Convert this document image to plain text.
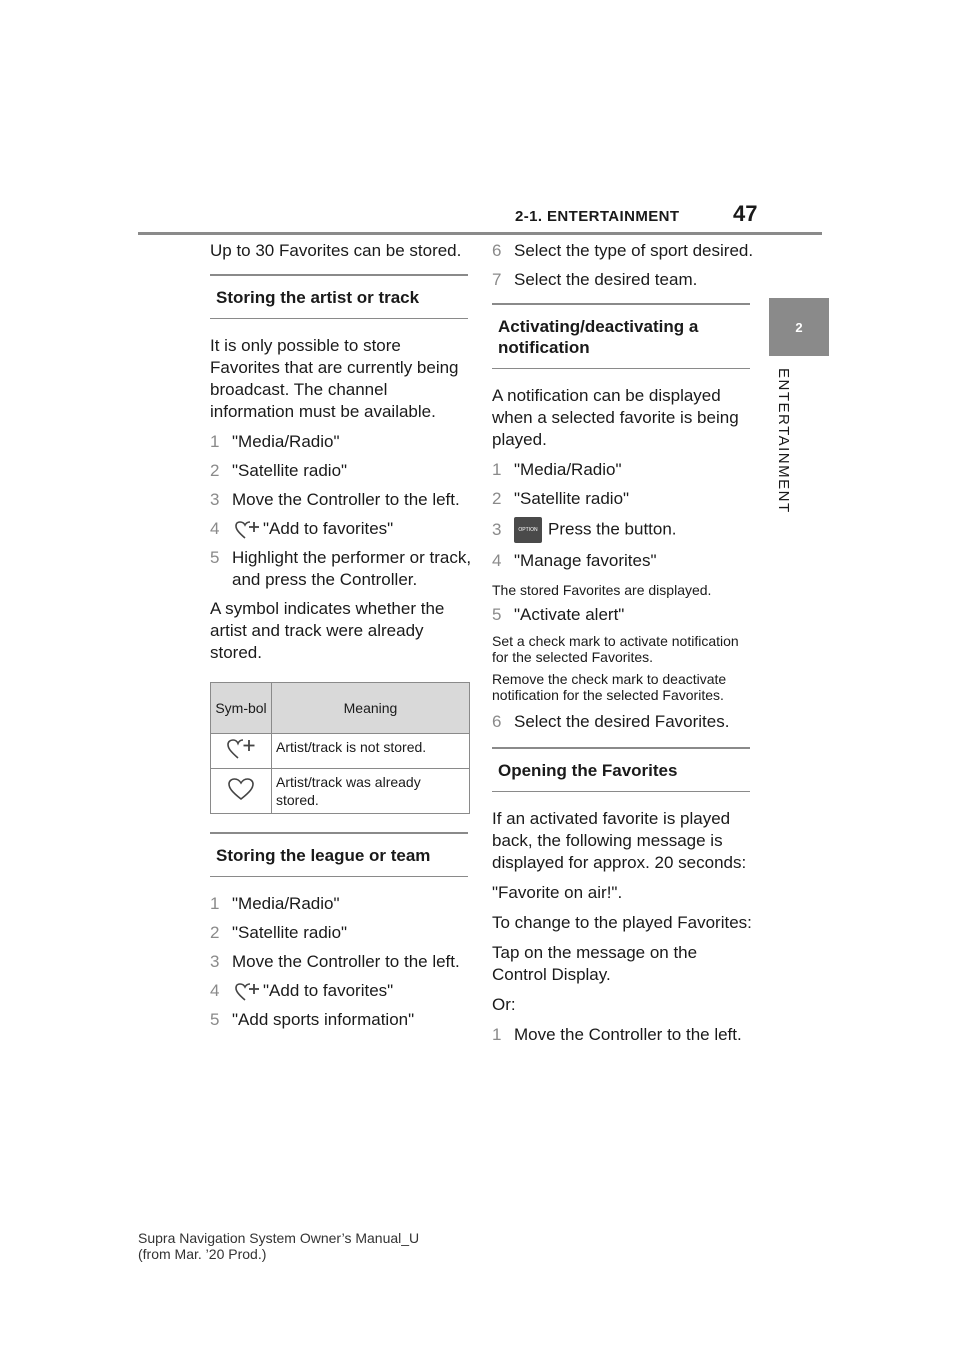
2-1. ENTERTAINMENT 47
2
ENTERTAINMENT

Up to 30 Favorites can be stored.

Storing the artist or track

It is only possible to store Favorites that are currently being broadcast. The channel information must be available.

1 "Media/Radio"
2 "Satellite radio"
3 Move the Controller to the left.
4	"Add to favorites"
5 Highlight the performer or track, and press the Controller.

A symbol indicates whether the artist and track were already stored.

Sym-bol	Meaning
	Artist/track is not stored.
	Artist/track was already stored.
Storing the league or team
1 "Media/Radio"
2 "Satellite radio"
3 Move the Controller to the left.
4	"Add to favorites"
5 "Add sports information"
6 Select the type of sport desired.
7 Select the desired team.
Activating/deactivating a notification

A notification can be displayed when a selected favorite is being played.

1 "Media/Radio"
2 "Satellite radio"
3	OPTION Press the button.
4 "Manage favorites"

The stored Favorites are displayed.

5 "Activate alert"

Set a check mark to activate notification for the selected Favorites.

Remove the check mark to deactivate notification for the selected Favorites.

6 Select the desired Favorites.
Opening the Favorites

If an activated favorite is played back, the following message is displayed for approx. 20 seconds:

"Favorite on air!".

To change to the played Favorites:

Tap on the message on the Control Display.

Or:

1 Move the Controller to the left.
Supra Navigation System Owner’s Manual_U
(from Mar. ’20 Prod.)
